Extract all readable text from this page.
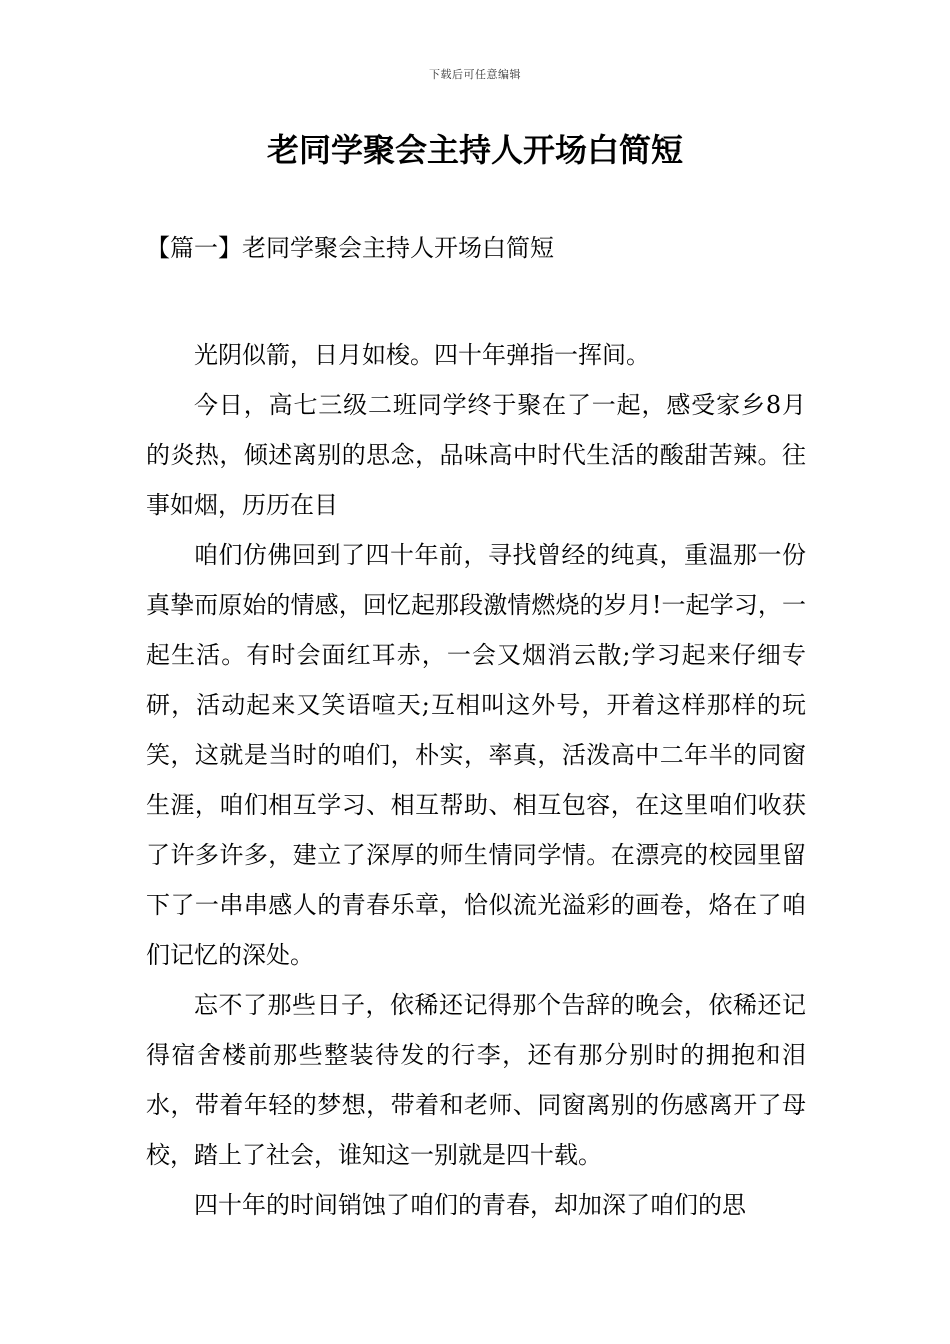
下载后可任意编辑
老同学聚会主持人开场白简短
【篇一】老同学聚会主持人开场白简短

光阴似箭，日月如梭。四十年弹指一挥间。

今日，高七三级二班同学终于聚在了一起，感受家乡8月的炎热，倾述离别的思念，品味高中时代生活的酸甜苦辣。往事如烟，历历在目

咱们仿佛回到了四十年前，寻找曾经的纯真，重温那一份真挚而原始的情感，回忆起那段激情燃烧的岁月!一起学习，一起生活。有时会面红耳赤，一会又烟消云散;学习起来仔细专研，活动起来又笑语喧天;互相叫这外号，开着这样那样的玩笑，这就是当时的咱们，朴实，率真，活泼高中二年半的同窗生涯，咱们相互学习、相互帮助、相互包容，在这里咱们收获了许多许多，建立了深厚的师生情同学情。在漂亮的校园里留下了一串串感人的青春乐章，恰似流光溢彩的画卷，烙在了咱们记忆的深处。

忘不了那些日子，依稀还记得那个告辞的晚会，依稀还记得宿舍楼前那些整装待发的行李，还有那分别时的拥抱和泪水，带着年轻的梦想，带着和老师、同窗离别的伤感离开了母校，踏上了社会，谁知这一别就是四十载。

四十年的时间销蚀了咱们的青春，却加深了咱们的思
